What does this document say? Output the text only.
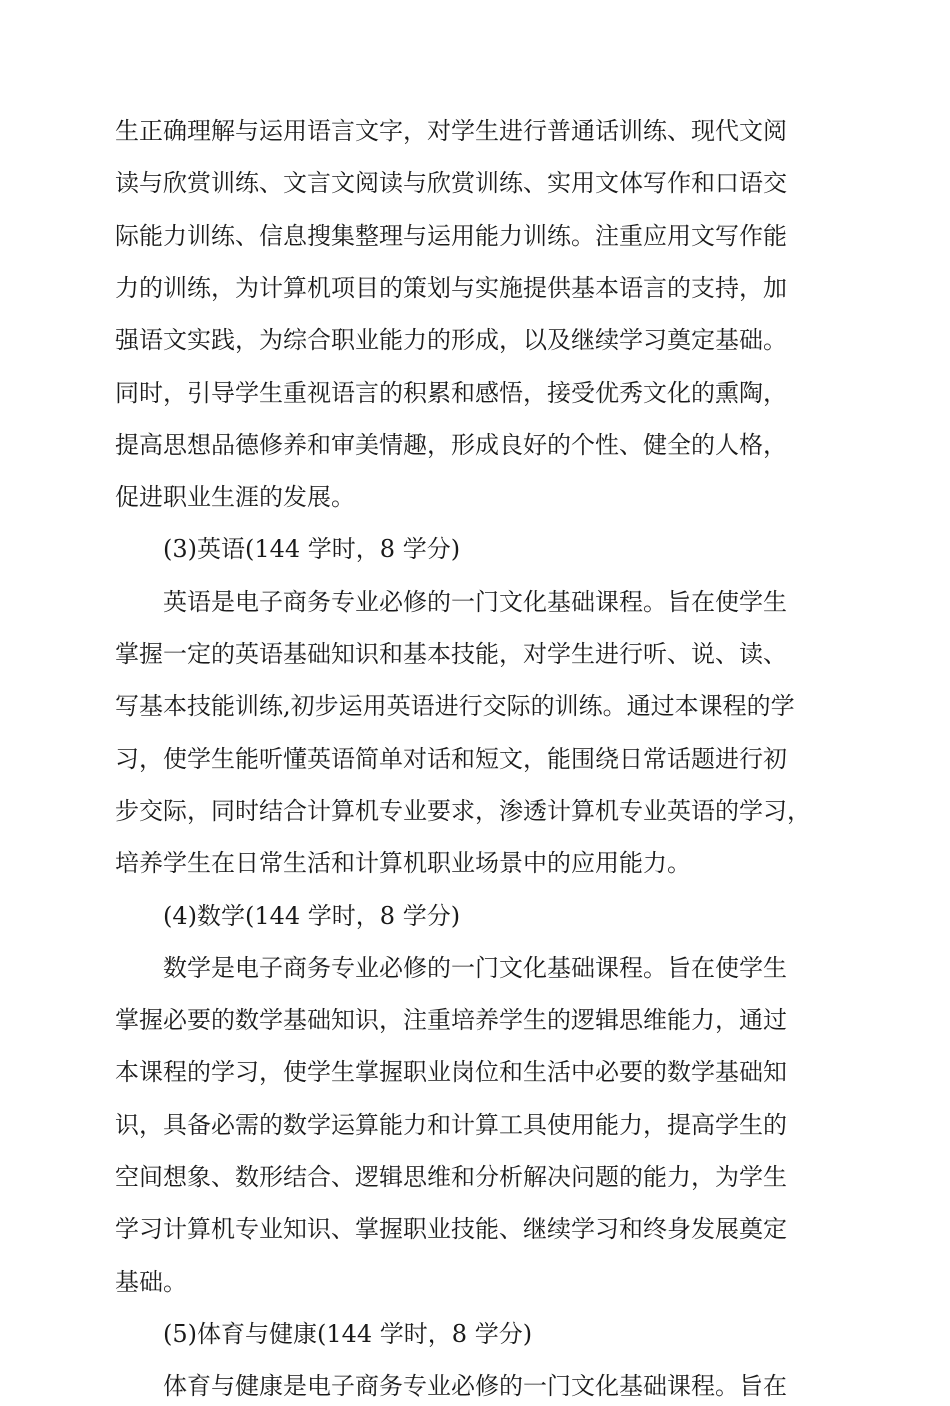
生正确理解与运用语言文字，对学生进行普通话训练、现代文阅
读与欣赏训练、文言文阅读与欣赏训练、实用文体写作和口语交
际能力训练、信息搜集整理与运用能力训练。注重应用文写作能
力的训练，为计算机项目的策划与实施提供基本语言的支持，加
强语文实践，为综合职业能力的形成，以及继续学习奠定基础。
同时，引导学生重视语言的积累和感悟，接受优秀文化的熏陶，
提高思想品德修养和审美情趣，形成良好的个性、健全的人格，
促进职业生涯的发展。
(3)英语(144 学时，8 学分)
英语是电子商务专业必修的一门文化基础课程。旨在使学生
掌握一定的英语基础知识和基本技能，对学生进行听、说、读、
写基本技能训练,初步运用英语进行交际的训练。通过本课程的学
习，使学生能听懂英语简单对话和短文，能围绕日常话题进行初
步交际，同时结合计算机专业要求，渗透计算机专业英语的学习，
培养学生在日常生活和计算机职业场景中的应用能力。
(4)数学(144 学时，8 学分)
数学是电子商务专业必修的一门文化基础课程。旨在使学生
掌握必要的数学基础知识，注重培养学生的逻辑思维能力，通过
本课程的学习，使学生掌握职业岗位和生活中必要的数学基础知
识，具备必需的数学运算能力和计算工具使用能力，提高学生的
空间想象、数形结合、逻辑思维和分析解决问题的能力，为学生
学习计算机专业知识、掌握职业技能、继续学习和终身发展奠定
基础。
(5)体育与健康(144 学时，8 学分)
体育与健康是电子商务专业必修的一门文化基础课程。旨在
